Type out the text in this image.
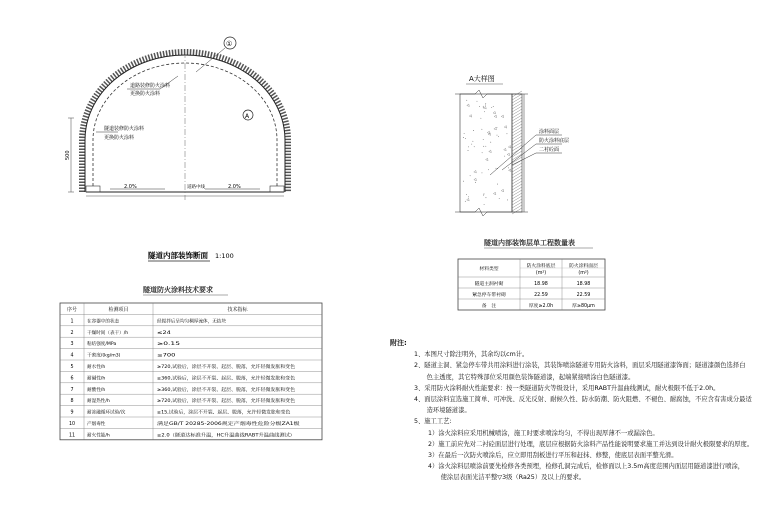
2.0%	2.0%
道路中线
500
①
A
道路装修防火涂料
更换防火涂料
隧道装修防火涂料
更换防火涂料
隧道内部装饰断面 1:100
隧道防火涂料技术要求
序号	检测项目	技术指标
1	在容器中的状态	经搅拌后呈均匀稠厚流体，无结块
2	干燥时间（表干）/h	≤24
3	粘结强度/MPa	≥0.15
4	干密度/(kg/m3)	≤700
5	耐水性/h	≥720,试验后，涂层不开裂、起层、脱落，允许轻微发胀和变色
6	耐碱性/h	≥360,试验后，涂层不开裂、起层、脱落，允许轻微发胀和变色
7	耐酸性/h	≥360,试验后，涂层不开裂、起层、脱落，允许轻微发胀和变色
8	耐湿热性/h	≥720,试验后，涂层不开裂、起层、脱落，允许轻微发胀和变色
9	耐冻融循环试验/次	≥15,试验后，涂层不开裂、起层、脱落，允许轻微发胀和变色
10	产烟毒性	满足GB/T 20285-2006规定产烟毒性危险分级ZA1级
11	耐火性能/h	≥2.0（隧道达标准升温，HC升温曲线RABT升温曲线测试）
A大样图
涂料面层
防火涂料底层
二衬砼面
隧道内部装饰层单工程数量表
材料类型
防火涂料底层	防火涂料面层
(m²)	(m²)
隧道主洞衬砌	18.98	18.98
紧急停车带衬砌	22.59	22.59
备　注	厚度≥2.0h	厚≥80μm
附注:
1、本图尺寸除注明外，其余均以cm计。
2、隧道主洞、紧急停车带共用涂料进行涂装，其装饰喷涂隧道专用防火涂料，面层采用隧道漆饰面；隧道漆颜色选择白
　　色主透度，其它特殊部位采用颜色装饰隧道漆，起端紧接喷涂白色隧道漆。
3、采用防火涂料耐火性能要求：按一类隧道防火等级设计，采用RABT升温曲线测试，耐火极限不低于2.0h。
4、面层涂料宜选施工简单、可冲洗、反光反射、耐候久性、防水防潮、防火阻燃、不褪色、耐腐蚀，不应含有害成分最适
　　造环境隧道漆。
5、施工工艺:
1）涂火涂料应采用机械喷涂，施工时要求喷涂均匀，不得出现厚薄不一或漏涂色。
2）施工前应先对二衬砼面层进行处理，底层应根据防火涂料产品性能说明要求施工并达到设计耐火极限要求的厚度。
3）在最后一次防火喷涂后，应立即用刮板进行平压和赶抹、修整，使底层表面平整光滑。
4）涂火涂料层喷涂前要先检修各类预埋，检修孔洞完成后，检修面以上3.5m高度范围内面层用隧道漆进行喷涂，
　　使涂层表面光洁平整▽3级（Ra25）及以上的要求。
